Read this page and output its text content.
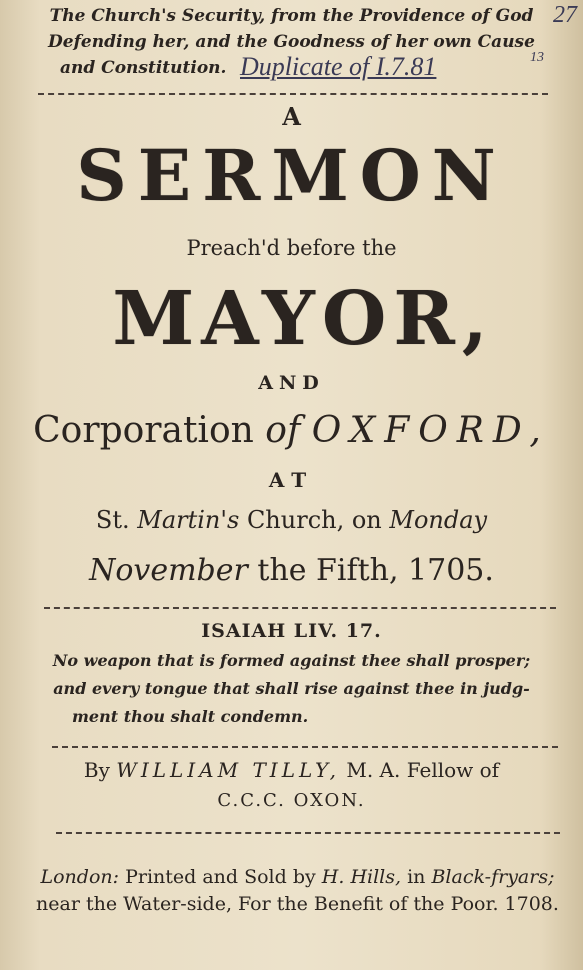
The Church's Security, from the Providence of God
Defending her, and the Goodness of her own Cause
and Constitution. Duplicate of I.7.81	13
27
A
SERMON
Preach'd before the
MAYOR,
AND
Corporation of OXFORD,
AT
St. Martin's Church, on Monday
November the Fifth, 1705.
ISAIAH LIV. 17.
No weapon that is formed against thee shall prosper;
and every tongue that shall rise against thee in judg-
ment thou shalt condemn.
By WILLIAM TILLY, M. A. Fellow of
C.C.C. OXON.
London: Printed and Sold by H. Hills, in Black-fryars;
near the Water-side, For the Benefit of the Poor. 1708.
